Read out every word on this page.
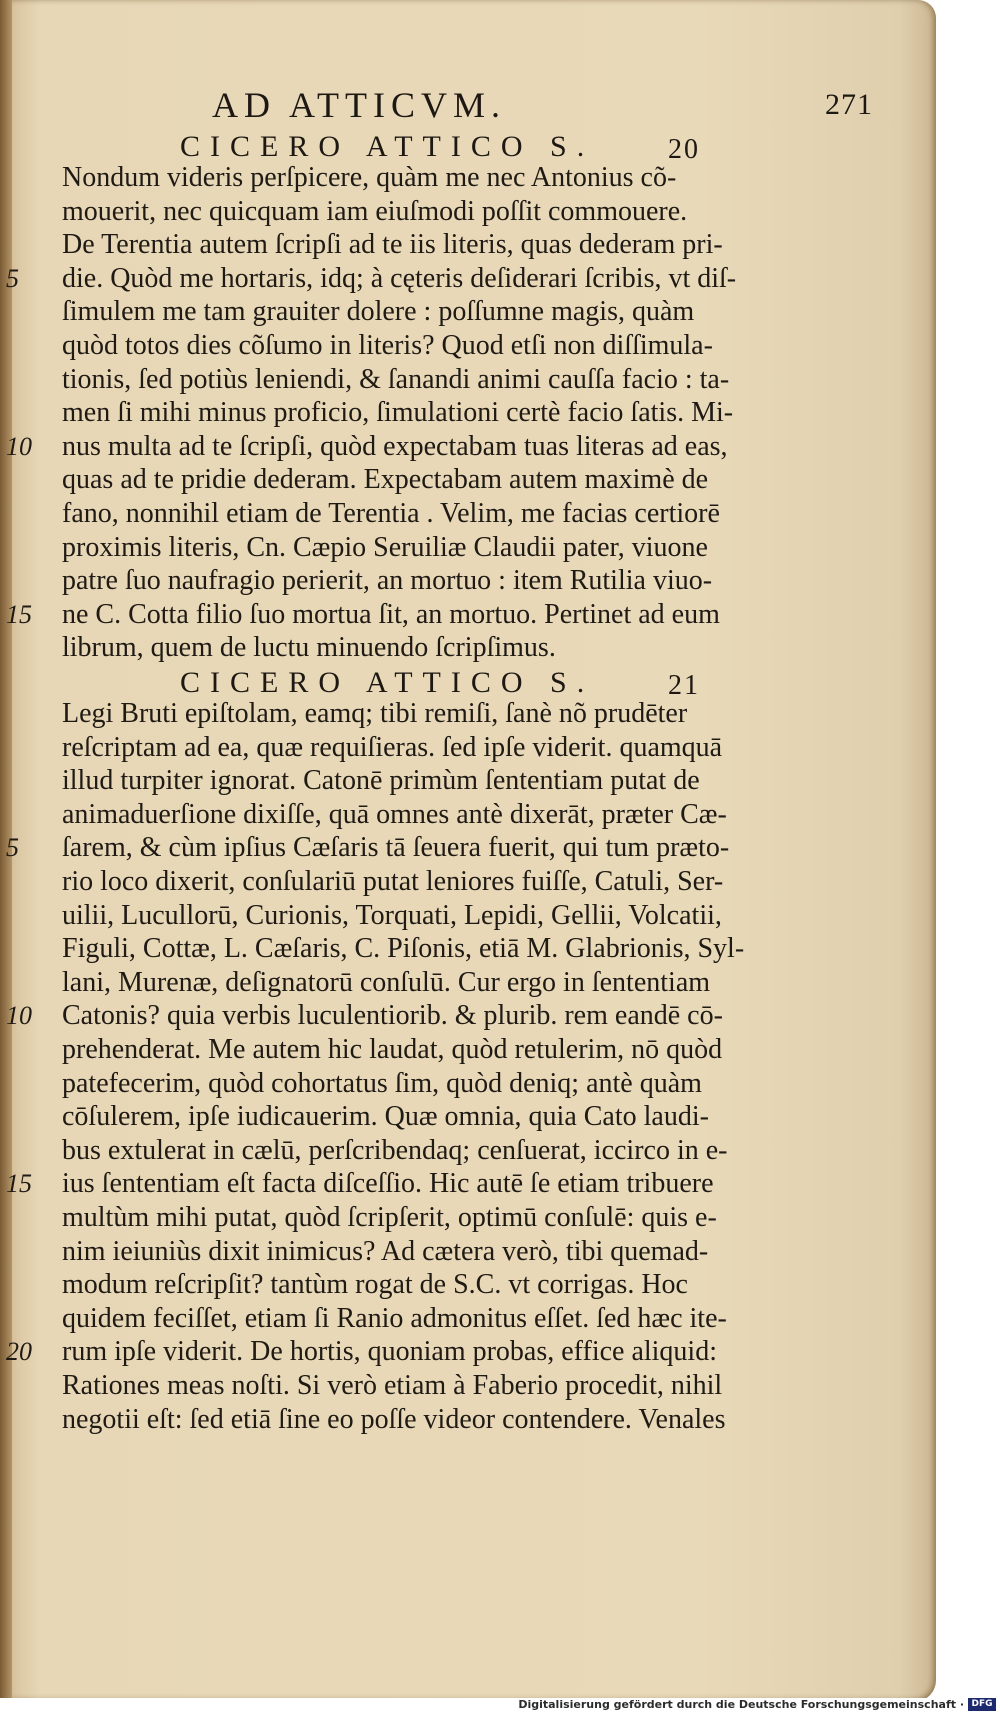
AD ATTICVM.	271
CICERO ATTICO S.	20
Nondum videris perſpicere, quàm me nec Antonius cõ-
mouerit, nec quicquam iam eiuſmodi poſſit commouere.
De Terentia autem ſcripſi ad te iis literis, quas dederam pri-
5 die. Quòd me hortaris, idq; à cęteris deſiderari ſcribis, vt diſ-
ſimulem me tam grauiter dolere : poſſumne magis, quàm
quòd totos dies cõſumo in literis? Quod etſi non diſſimula-
tionis, ſed potiùs leniendi, & ſanandi animi cauſſa facio : ta-
men ſi mihi minus proficio, ſimulationi certè facio ſatis. Mi-
10 nus multa ad te ſcripſi, quòd expectabam tuas literas ad eas,
quas ad te pridie dederam. Expectabam autem maximè de
fano, nonnihil etiam de Terentia . Velim, me facias certiorē
proximis literis, Cn. Cæpio Seruiliæ Claudii pater, viuone
patre ſuo naufragio perierit, an mortuo : item Rutilia viuo-
15 ne C. Cotta filio ſuo mortua ſit, an mortuo. Pertinet ad eum
librum, quem de luctu minuendo ſcripſimus.
CICERO ATTICO S.	21
Legi Bruti epiſtolam, eamq; tibi remiſi, ſanè nõ prudēter
reſcriptam ad ea, quæ requiſieras. ſed ipſe viderit. quamquā
illud turpiter ignorat. Catonē primùm ſententiam putat de
animaduerſione dixiſſe, quā omnes antè dixerāt, præter Cæ-
5 ſarem, & cùm ipſius Cæſaris tā ſeuera fuerit, qui tum præto-
rio loco dixerit, conſulariū putat leniores fuiſſe, Catuli, Ser-
uilii, Lucullorū, Curionis, Torquati, Lepidi, Gellii, Volcatii,
Figuli, Cottæ, L. Cæſaris, C. Piſonis, etiā M. Glabrionis, Syl-
lani, Murenæ, deſignatorū conſulū. Cur ergo in ſententiam
10 Catonis? quia verbis luculentiorib. & plurib. rem eandē cō-
prehenderat. Me autem hic laudat, quòd retulerim, nō quòd
patefecerim, quòd cohortatus ſim, quòd deniq; antè quàm
cōſulerem, ipſe iudicauerim. Quæ omnia, quia Cato laudi-
bus extulerat in cælū, perſcribendaq; cenſuerat, iccirco in e-
15 ius ſententiam eſt facta diſceſſio. Hic autē ſe etiam tribuere
multùm mihi putat, quòd ſcripſerit, optimū conſulē: quis e-
nim ieiuniùs dixit inimicus? Ad cætera verò, tibi quemad-
modum reſcripſit? tantùm rogat de S.C. vt corrigas. Hoc
quidem feciſſet, etiam ſi Ranio admonitus eſſet. ſed hæc ite-
20 rum ipſe viderit. De hortis, quoniam probas, effice aliquid:
Rationes meas noſti. Si verò etiam à Faberio procedit, nihil
negotii eſt: ſed etiā ſine eo poſſe videor contendere. Venales
Digitalisierung gefördert durch die Deutsche Forschungsgemeinschaft · DFG
